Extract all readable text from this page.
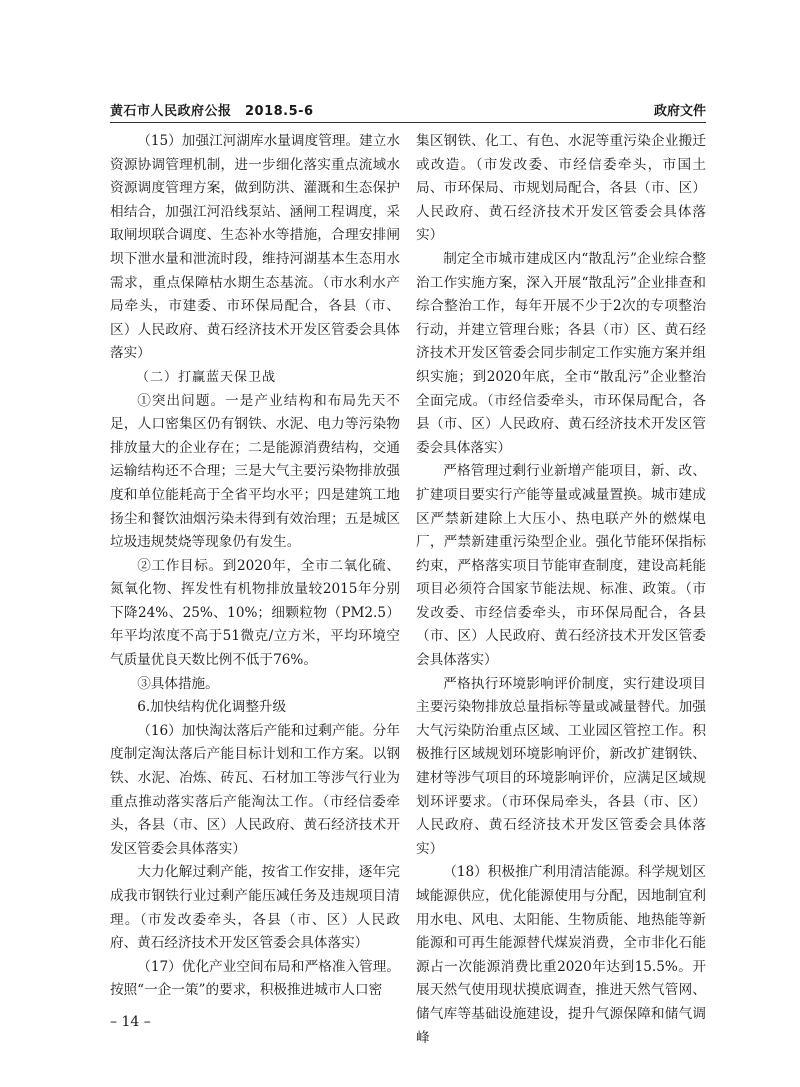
黄石市人民政府公报　2018.5-6	政府文件

（15）加强江河湖库水量调度管理。建立水资源协调管理机制，进一步细化落实重点流域水资源调度管理方案，做到防洪、灌溉和生态保护相结合，加强江河沿线泵站、涵闸工程调度，采取闸坝联合调度、生态补水等措施，合理安排闸坝下泄水量和泄流时段，维持河湖基本生态用水需求，重点保障枯水期生态基流。（市水利水产局牵头，市建委、市环保局配合，各县（市、区）人民政府、黄石经济技术开发区管委会具体落实）

（二）打赢蓝天保卫战

①突出问题。一是产业结构和布局先天不足，人口密集区仍有钢铁、水泥、电力等污染物排放量大的企业存在；二是能源消费结构，交通运输结构还不合理；三是大气主要污染物排放强度和单位能耗高于全省平均水平；四是建筑工地扬尘和餐饮油烟污染未得到有效治理；五是城区垃圾违规焚烧等现象仍有发生。

②工作目标。到2020年，全市二氧化硫、氮氧化物、挥发性有机物排放量较2015年分别下降24%、25%、10%；细颗粒物（PM2.5）年平均浓度不高于51微克/立方米，平均环境空气质量优良天数比例不低于76%。

③具体措施。

6.加快结构优化调整升级

（16）加快淘汰落后产能和过剩产能。分年度制定淘汰落后产能目标计划和工作方案。以钢铁、水泥、冶炼、砖瓦、石材加工等涉气行业为重点推动落实落后产能淘汰工作。（市经信委牵头，各县（市、区）人民政府、黄石经济技术开发区管委会具体落实）

大力化解过剩产能，按省工作安排，逐年完成我市钢铁行业过剩产能压减任务及违规项目清理。（市发改委牵头，各县（市、区）人民政府、黄石经济技术开发区管委会具体落实）

（17）优化产业空间布局和严格准入管理。按照“一企一策”的要求，积极推进城市人口密

集区钢铁、化工、有色、水泥等重污染企业搬迁或改造。（市发改委、市经信委牵头，市国土局、市环保局、市规划局配合，各县（市、区）人民政府、黄石经济技术开发区管委会具体落实）

制定全市城市建成区内“散乱污”企业综合整治工作实施方案，深入开展“散乱污”企业排查和综合整治工作，每年开展不少于2次的专项整治行动，并建立管理台账；各县（市）区、黄石经济技术开发区管委会同步制定工作实施方案并组织实施；到2020年底，全市“散乱污”企业整治全面完成。（市经信委牵头，市环保局配合，各县（市、区）人民政府、黄石经济技术开发区管委会具体落实）

严格管理过剩行业新增产能项目，新、改、扩建项目要实行产能等量或减量置换。城市建成区严禁新建除上大压小、热电联产外的燃煤电厂，严禁新建重污染型企业。强化节能环保指标约束，严格落实项目节能审查制度，建设高耗能项目必须符合国家节能法规、标准、政策。（市发改委、市经信委牵头，市环保局配合，各县（市、区）人民政府、黄石经济技术开发区管委会具体落实）

严格执行环境影响评价制度，实行建设项目主要污染物排放总量指标等量或减量替代。加强大气污染防治重点区域、工业园区管控工作。积极推行区域规划环境影响评价，新改扩建钢铁、建材等涉气项目的环境影响评价，应满足区域规划环评要求。（市环保局牵头，各县（市、区）人民政府、黄石经济技术开发区管委会具体落实）

（18）积极推广利用清洁能源。科学规划区域能源供应，优化能源使用与分配，因地制宜利用水电、风电、太阳能、生物质能、地热能等新能源和可再生能源替代煤炭消费，全市非化石能源占一次能源消费比重2020年达到15.5%。开展天然气使用现状摸底调查，推进天然气管网、储气库等基础设施建设，提升气源保障和储气调峰

– 14 –
